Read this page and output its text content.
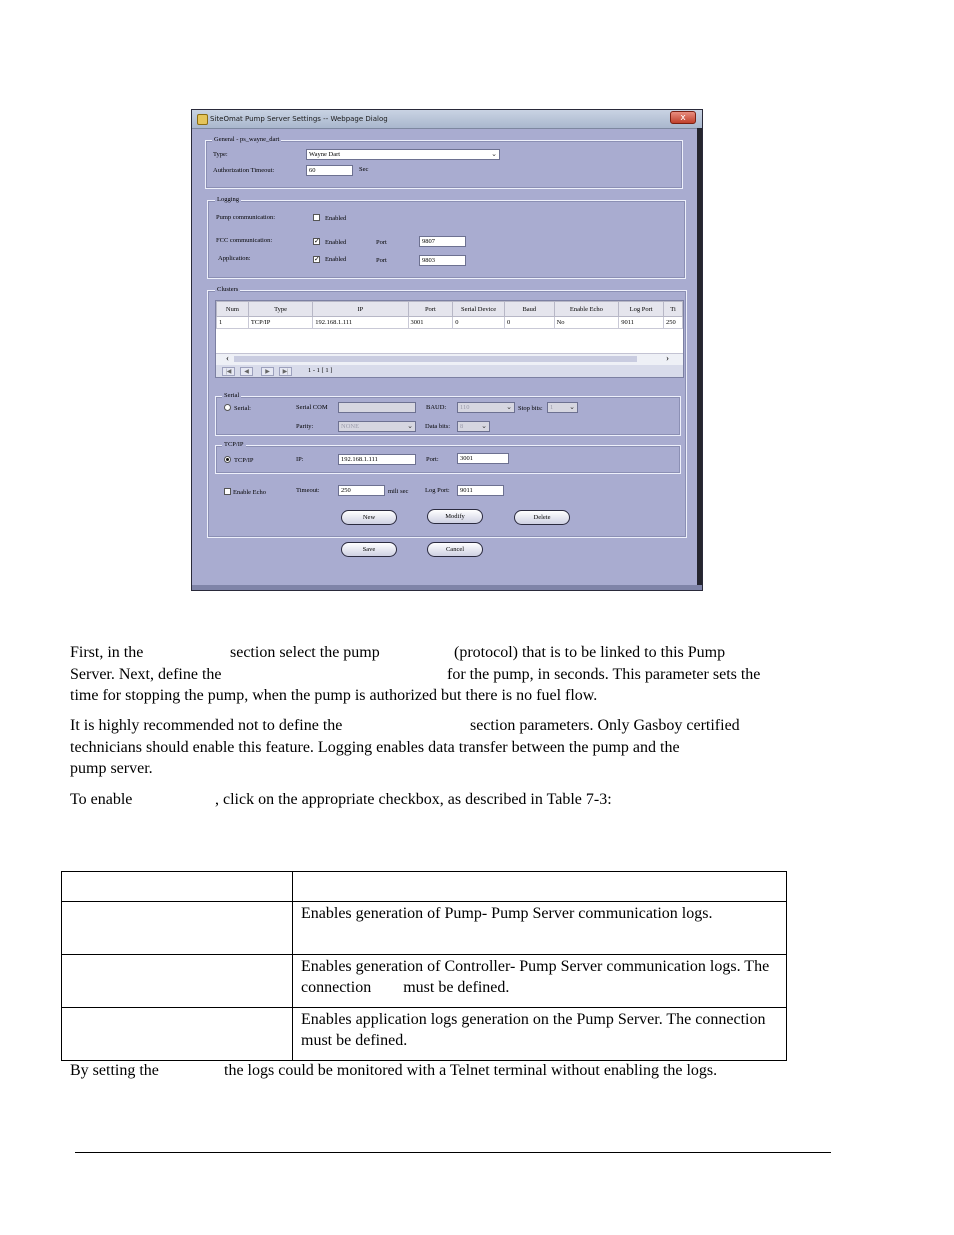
SiteOmat Pump Server Settings -- Webpage Dialog	x
General - ps_wayne_dart
Type:	Wayne Dart	⌄
Authorization Timeout:	60	Sec
Logging
Pump communication:	Enabled
FCC communication:	✓ Enabled	Port	9807
Application:	✓ Enabled	Port	9803
Clusters
Num	Type	IP	Port	Serial Device	Baud	Enable Echo	Log Port	Ti
1	TCP/IP	192.168.1.111	3001	0	0	No	9011	250
‹	›
|◀	◀	▶	▶|	1 - 1 [ 1 ]
Serial
Serial:	Serial COM	BAUD:	110	⌄ Stop bits:	1 ⌄
Parity:	NONE	⌄ Data bits:	8	⌄
TCP/IP
TCP/IP	IP:	192.168.1.111	Port:	3001
Enable Echo	Timeout:	250	mili sec	Log Port:	9011
New	Modify	Delete
Save	Cancel
First, in the	section select the pump	(protocol) that is to be linked to this Pump
Server. Next, define the	for the pump, in seconds. This parameter sets the
time for stopping the pump, when the pump is authorized but there is no fuel flow.
It is highly recommended not to define the	section parameters. Only Gasboy certified
technicians should enable this feature. Logging enables data transfer between the pump and the
pump server.
To enable	, click on the appropriate checkbox, as described in Table 7-3:

	Enables generation of Pump- Pump Server communication logs.
	Enables generation of Controller- Pump Server communication logs. The connection        must be defined.
	Enables application logs generation on the Pump Server. The connection        must be defined.
By setting the	the logs could be monitored with a Telnet terminal without enabling the logs.
